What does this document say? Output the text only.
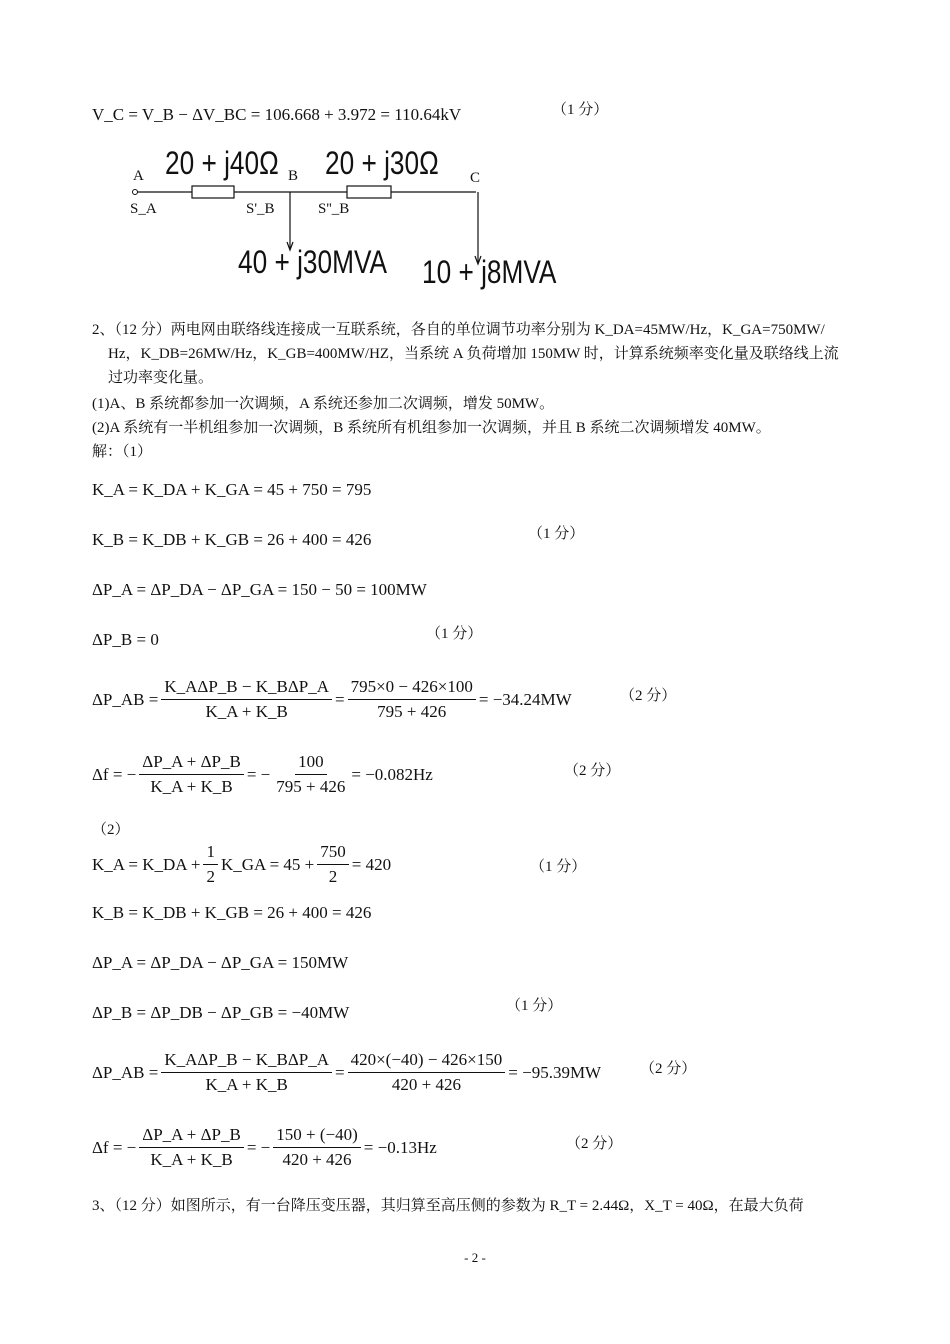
V_C = V_B − ΔV_BC = 106.668 + 3.972 = 110.64kV	（1 分）
20 + j40Ω 20 + j30Ω
A	B	C
S_A	S'_B	S''_B
40 + j30MVA 10 + j8MVA
2、（12 分）两电网由联络线连接成一互联系统，各自的单位调节功率分别为 K_DA=45MW/Hz，K_GA=750MW/
Hz，K_DB=26MW/Hz，K_GB=400MW/HZ，当系统 A 负荷增加 150MW 时，计算系统频率变化量及联络线上流
过功率变化量。
(1)A、B 系统都参加一次调频，A 系统还参加二次调频，增发 50MW。
(2)A 系统有一半机组参加一次调频，B 系统所有机组参加一次调频，并且 B 系统二次调频增发 40MW。
解：（1）
K_A = K_DA + K_GA = 45 + 750 = 795
K_B = K_DB + K_GB = 26 + 400 = 426	（1 分）
ΔP_A = ΔP_DA − ΔP_GA = 150 − 50 = 100MW
ΔP_B = 0	（1 分）
ΔP_AB = $\frac{\text{K\_AΔP\_B − K\_BΔP\_A}}{K\_A + K\_B} = \frac{795\times 0 - 426\times 100}{795 + 426} = -34.24MW$	（2 分）
Δf = − $\frac{\Delta P\_A + \Delta P\_B}{K\_A + K\_B}$ = − $\frac{100}{795 + 426} = -0.082Hz$	（2 分）
（2）
K_A = K_DA + $\frac{1}{2}$ K_GA = $45 + \frac{750}{2} = 420$	（1 分）
K_B = K_DB + K_GB = 26 + 400 = 426
ΔP_A = ΔP_DA − ΔP_GA = 150MW
ΔP_B = ΔP_DB − ΔP_GB = −40MW	（1 分）
ΔP_AB = $\frac{\text{K\_AΔP\_B − K\_BΔP\_A}}{K\_A + K\_B} = \frac{420\times(-40) - 426\times 150}{420 + 426} = -95.39MW$	（2 分）
Δf = − $\frac{\Delta P\_A + \Delta P\_B}{K\_A + K\_B}$ = − $\frac{150 + (-40)}{420 + 426} = -0.13Hz$	（2 分）
3、（12 分）如图所示，有一台降压变压器，其归算至高压侧的参数为 R_T = 2.44Ω，X_T = 40Ω，在最大负荷
- 2 -
